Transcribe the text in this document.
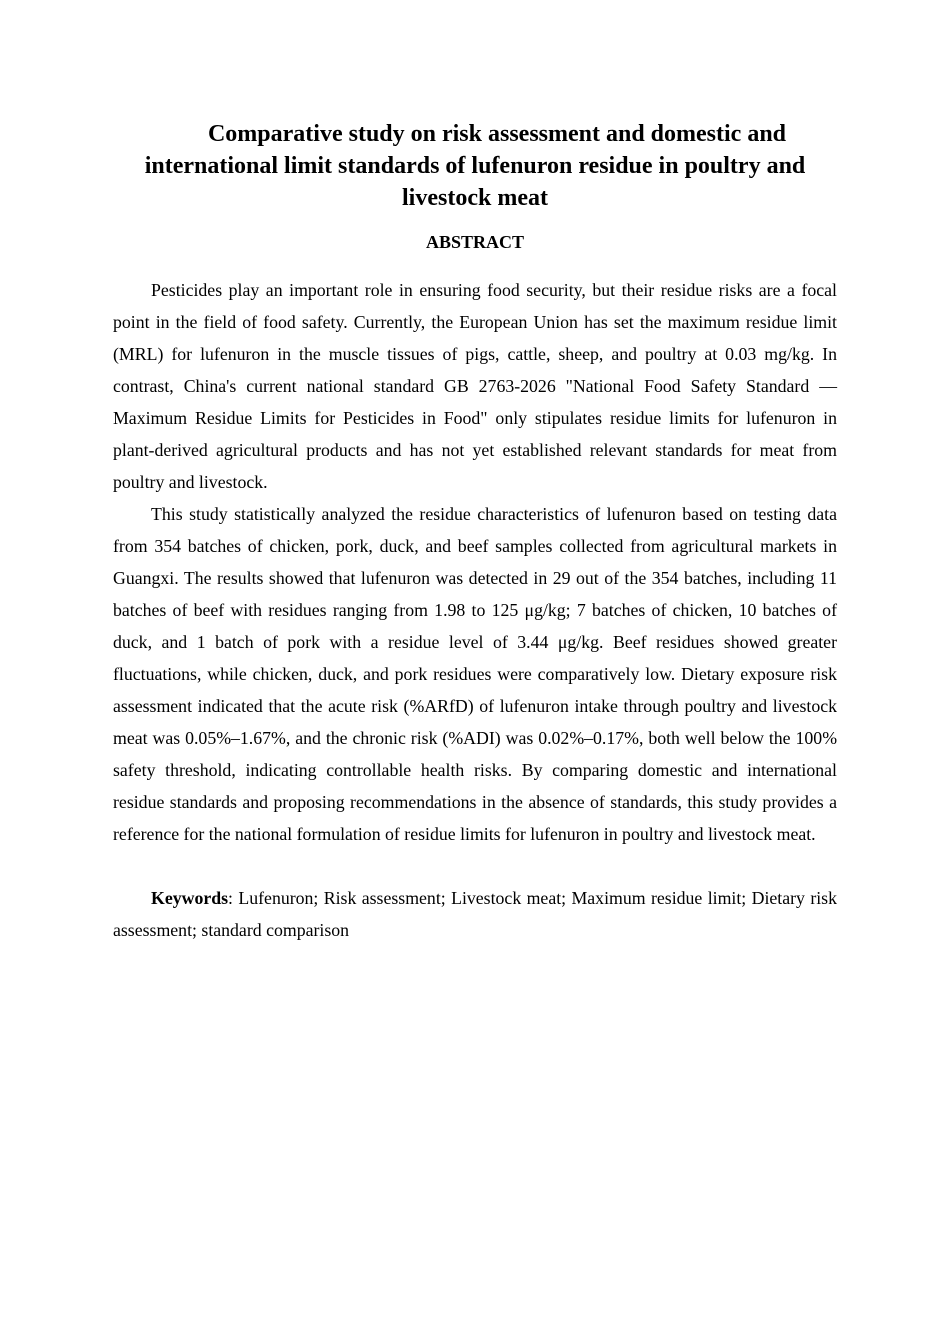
Comparative study on risk assessment and domestic and international limit standards of lufenuron residue in poultry and livestock meat
ABSTRACT

Pesticides play an important role in ensuring food security, but their residue risks are a focal point in the field of food safety. Currently, the European Union has set the maximum residue limit (MRL) for lufenuron in the muscle tissues of pigs, cattle, sheep, and poultry at 0.03 mg/kg. In contrast, China's current national standard GB 2763-2026 "National Food Safety Standard — Maximum Residue Limits for Pesticides in Food" only stipulates residue limits for lufenuron in plant-derived agricultural products and has not yet established relevant standards for meat from poultry and livestock.

This study statistically analyzed the residue characteristics of lufenuron based on testing data from 354 batches of chicken, pork, duck, and beef samples collected from agricultural markets in Guangxi. The results showed that lufenuron was detected in 29 out of the 354 batches, including 11 batches of beef with residues ranging from 1.98 to 125 μg/kg; 7 batches of chicken, 10 batches of duck, and 1 batch of pork with a residue level of 3.44 μg/kg. Beef residues showed greater fluctuations, while chicken, duck, and pork residues were comparatively low. Dietary exposure risk assessment indicated that the acute risk (%ARfD) of lufenuron intake through poultry and livestock meat was 0.05%–1.67%, and the chronic risk (%ADI) was 0.02%–0.17%, both well below the 100% safety threshold, indicating controllable health risks. By comparing domestic and international residue standards and proposing recommendations in the absence of standards, this study provides a reference for the national formulation of residue limits for lufenuron in poultry and livestock meat.

Keywords: Lufenuron; Risk assessment; Livestock meat; Maximum residue limit; Dietary risk assessment; standard comparison
